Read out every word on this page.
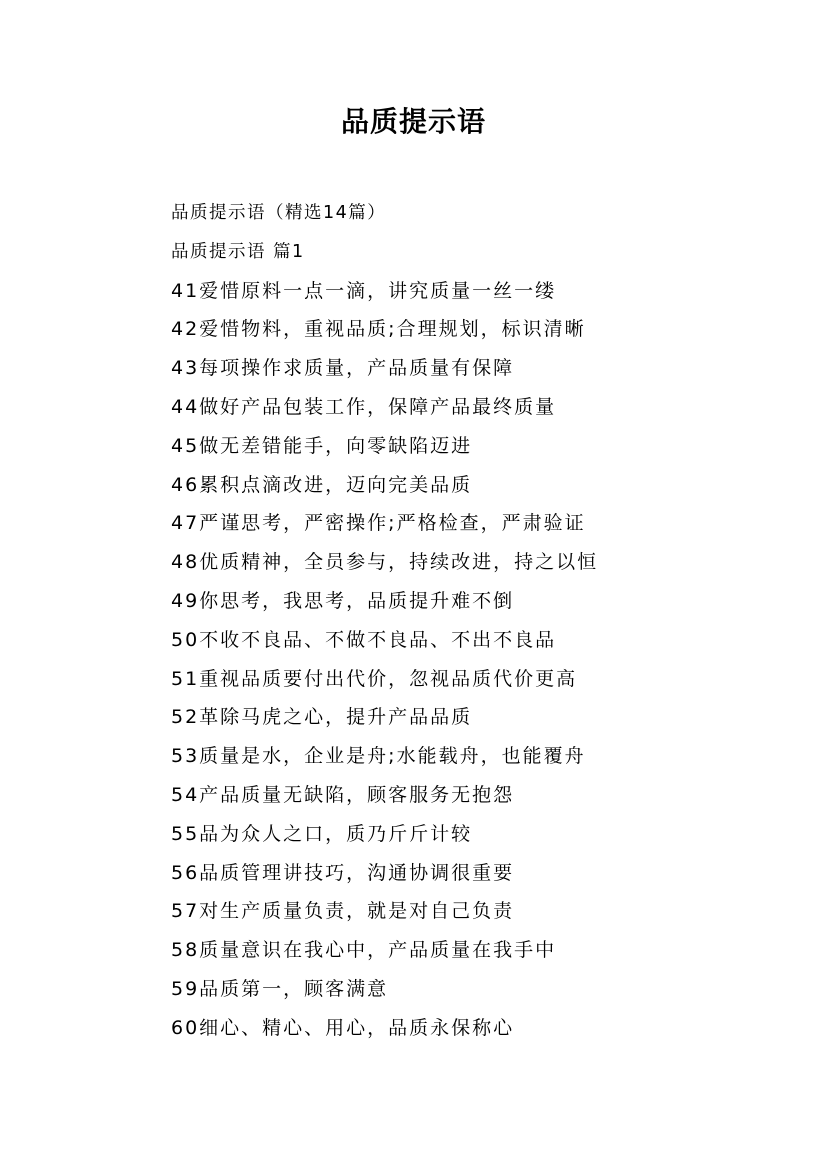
品质提示语
品质提示语（精选14篇）
品质提示语 篇1
41爱惜原料一点一滴，讲究质量一丝一缕
42爱惜物料，重视品质;合理规划，标识清晰
43每项操作求质量，产品质量有保障
44做好产品包装工作，保障产品最终质量
45做无差错能手，向零缺陷迈进
46累积点滴改进，迈向完美品质
47严谨思考，严密操作;严格检查，严肃验证
48优质精神，全员参与，持续改进，持之以恒
49你思考，我思考，品质提升难不倒
50不收不良品、不做不良品、不出不良品
51重视品质要付出代价，忽视品质代价更高
52革除马虎之心，提升产品品质
53质量是水，企业是舟;水能载舟，也能覆舟
54产品质量无缺陷，顾客服务无抱怨
55品为众人之口，质乃斤斤计较
56品质管理讲技巧，沟通协调很重要
57对生产质量负责，就是对自己负责
58质量意识在我心中，产品质量在我手中
59品质第一，顾客满意
60细心、精心、用心，品质永保称心
